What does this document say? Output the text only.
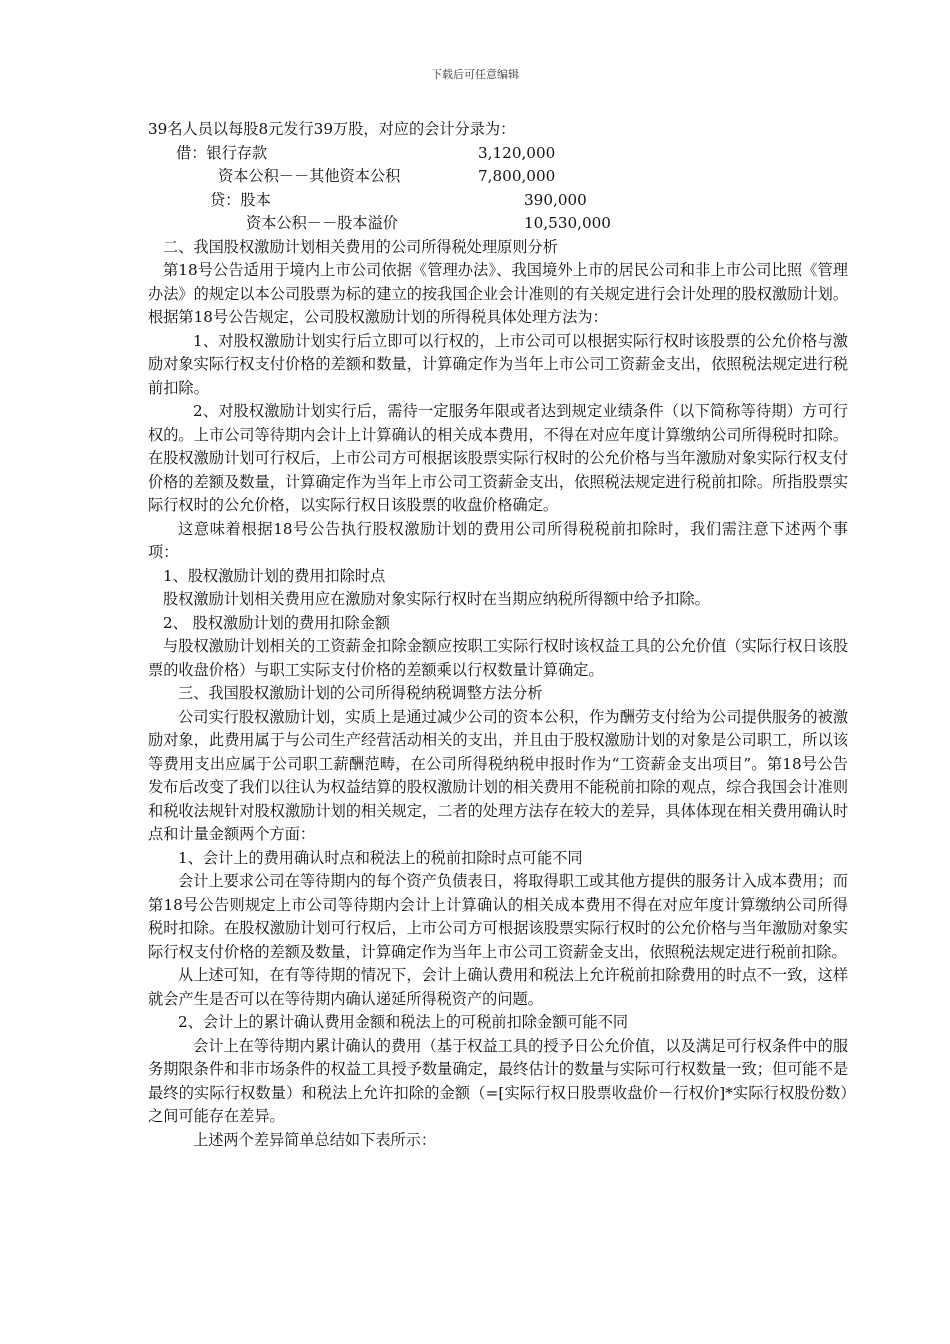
下载后可任意编辑

39名人员以每股8元发行39万股，对应的会计分录为：

借：银行存款	3,120,000
资本公积－－其他资本公积	7,800,000
贷：股本	390,000
资本公积－－股本溢价	10,530,000

二、我国股权激励计划相关费用的公司所得税处理原则分析

第18号公告适用于境内上市公司依据《管理办法》、我国境外上市的居民公司和非上市公司比照《管理办法》的规定以本公司股票为标的建立的按我国企业会计准则的有关规定进行会计处理的股权激励计划。根据第18号公告规定，公司股权激励计划的所得税具体处理方法为：

1、对股权激励计划实行后立即可以行权的，上市公司可以根据实际行权时该股票的公允价格与激励对象实际行权支付价格的差额和数量，计算确定作为当年上市公司工资薪金支出，依照税法规定进行税前扣除。

2、对股权激励计划实行后，需待一定服务年限或者达到规定业绩条件（以下简称等待期）方可行权的。上市公司等待期内会计上计算确认的相关成本费用，不得在对应年度计算缴纳公司所得税时扣除。在股权激励计划可行权后，上市公司方可根据该股票实际行权时的公允价格与当年激励对象实际行权支付价格的差额及数量，计算确定作为当年上市公司工资薪金支出，依照税法规定进行税前扣除。所指股票实际行权时的公允价格，以实际行权日该股票的收盘价格确定。

这意味着根据18号公告执行股权激励计划的费用公司所得税税前扣除时，我们需注意下述两个事项：

1、股权激励计划的费用扣除时点

股权激励计划相关费用应在激励对象实际行权时在当期应纳税所得额中给予扣除。

2、 股权激励计划的费用扣除金额

与股权激励计划相关的工资薪金扣除金额应按职工实际行权时该权益工具的公允价值（实际行权日该股票的收盘价格）与职工实际支付价格的差额乘以行权数量计算确定。

三、我国股权激励计划的公司所得税纳税调整方法分析

公司实行股权激励计划，实质上是通过减少公司的资本公积，作为酬劳支付给为公司提供服务的被激励对象，此费用属于与公司生产经营活动相关的支出，并且由于股权激励计划的对象是公司职工，所以该等费用支出应属于公司职工薪酬范畴，在公司所得税纳税申报时作为“工资薪金支出项目”。第18号公告发布后改变了我们以往认为权益结算的股权激励计划的相关费用不能税前扣除的观点，综合我国会计准则和税收法规针对股权激励计划的相关规定，二者的处理方法存在较大的差异，具体体现在相关费用确认时点和计量金额两个方面：

1、会计上的费用确认时点和税法上的税前扣除时点可能不同

会计上要求公司在等待期内的每个资产负债表日，将取得职工或其他方提供的服务计入成本费用；而第18号公告则规定上市公司等待期内会计上计算确认的相关成本费用不得在对应年度计算缴纳公司所得税时扣除。在股权激励计划可行权后，上市公司方可根据该股票实际行权时的公允价格与当年激励对象实际行权支付价格的差额及数量，计算确定作为当年上市公司工资薪金支出，依照税法规定进行税前扣除。

从上述可知，在有等待期的情况下，会计上确认费用和税法上允许税前扣除费用的时点不一致，这样就会产生是否可以在等待期内确认递延所得税资产的问题。

2、会计上的累计确认费用金额和税法上的可税前扣除金额可能不同

会计上在等待期内累计确认的费用（基于权益工具的授予日公允价值，以及满足可行权条件中的服务期限条件和非市场条件的权益工具授予数量确定，最终估计的数量与实际可行权数量一致；但可能不是最终的实际行权数量）和税法上允许扣除的金额（=[实际行权日股票收盘价－行权价]*实际行权股份数）之间可能存在差异。

上述两个差异简单总结如下表所示：
